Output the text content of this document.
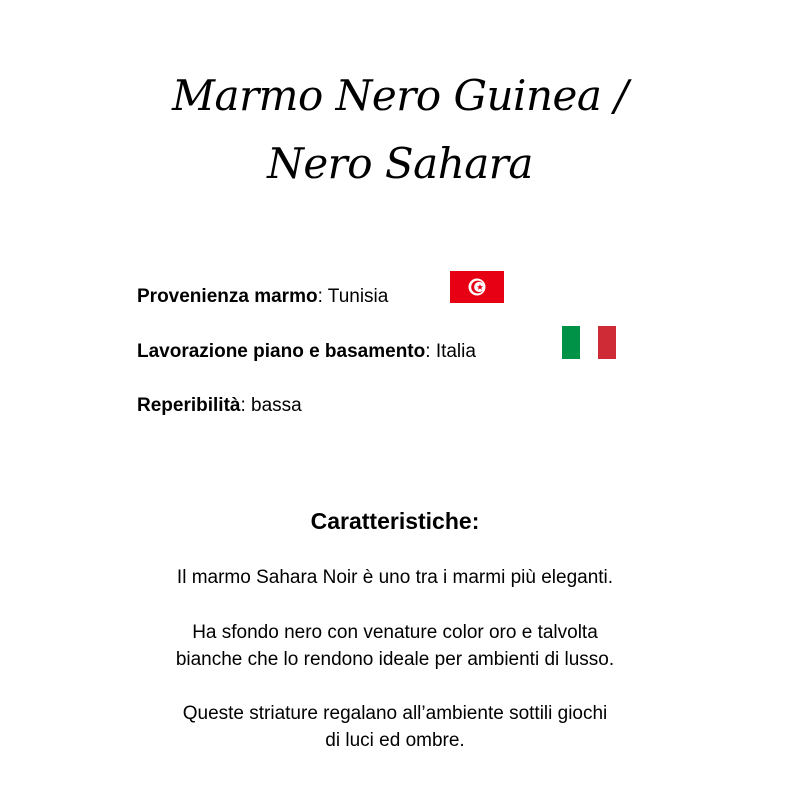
Marmo Nero Guinea /
Nero Sahara
Provenienza marmo: Tunisia
Lavorazione piano e basamento: Italia
Reperibilità: bassa
Caratteristiche:
Il marmo Sahara Noir è uno tra i marmi più eleganti.
Ha sfondo nero con venature color oro e talvolta
bianche che lo rendono ideale per ambienti di lusso.
Queste striature regalano all’ambiente sottili giochi
di luci ed ombre.
